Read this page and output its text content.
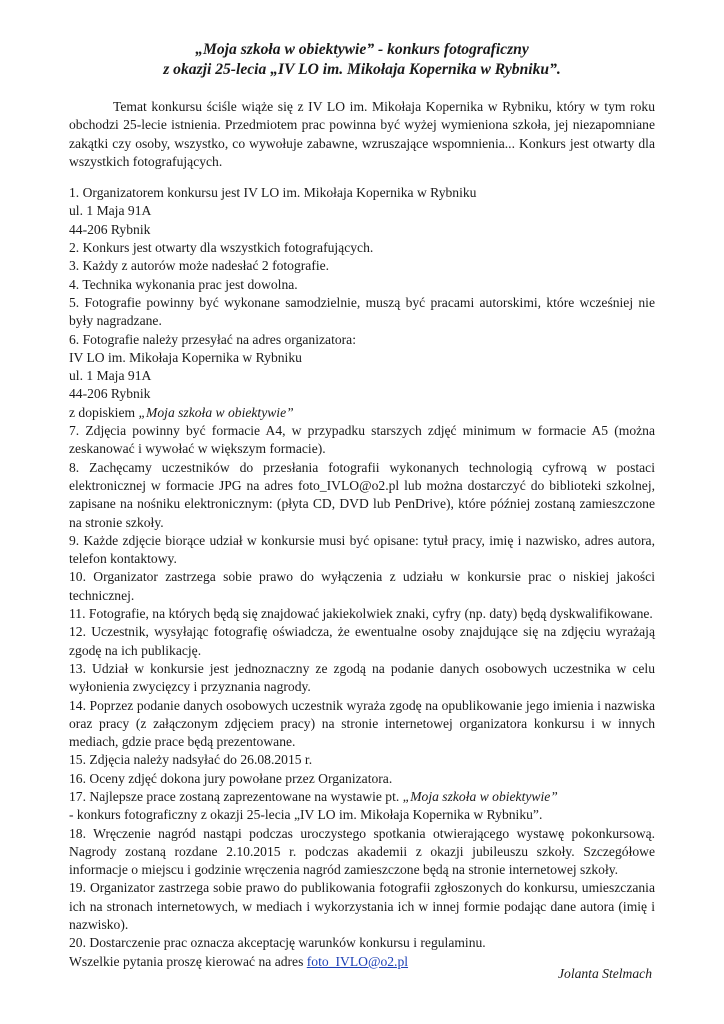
„Moja szkoła w obiektywie” - konkurs fotograficzny

z okazji 25-lecia „IV LO im. Mikołaja Kopernika w Rybniku”.

Temat konkursu ściśle wiąże się z IV LO im. Mikołaja Kopernika w Rybniku, który w tym roku obchodzi 25-lecie istnienia. Przedmiotem prac powinna być wyżej wymieniona szkoła, jej niezapomniane zakątki czy osoby, wszystko, co wywołuje zabawne, wzruszające wspomnienia... Konkurs jest otwarty dla wszystkich fotografujących.
1. Organizatorem konkursu jest IV LO im. Mikołaja Kopernika w Rybniku
ul. 1 Maja 91A
44-206 Rybnik
2. Konkurs jest otwarty dla wszystkich fotografujących.
3. Każdy z autorów może nadesłać 2 fotografie.
4. Technika wykonania prac jest dowolna.
5. Fotografie powinny być wykonane samodzielnie, muszą być pracami autorskimi, które wcześniej nie były nagradzane.
6. Fotografie należy przesyłać na adres organizatora:
IV LO im. Mikołaja Kopernika w Rybniku
ul. 1 Maja 91A
44-206 Rybnik
z dopiskiem „Moja szkoła w obiektywie”
7. Zdjęcia powinny być formacie A4, w przypadku starszych zdjęć minimum w formacie A5 (można zeskanować i wywołać w większym formacie).
8. Zachęcamy uczestników do przesłania fotografii wykonanych technologią cyfrową w postaci elektronicznej w formacie JPG na adres foto_IVLO@o2.pl lub można dostarczyć do biblioteki szkolnej, zapisane na nośniku elektronicznym: (płyta CD, DVD lub PenDrive), które później zostaną zamieszczone na stronie szkoły.
9. Każde zdjęcie biorące udział w konkursie musi być opisane: tytuł pracy, imię i nazwisko, adres autora, telefon kontaktowy.
10. Organizator zastrzega sobie prawo do wyłączenia z udziału w konkursie prac o niskiej jakości technicznej.
11. Fotografie, na których będą się znajdować jakiekolwiek znaki, cyfry (np. daty) będą dyskwalifikowane.
12. Uczestnik, wysyłając fotografię oświadcza, że ewentualne osoby znajdujące się na zdjęciu wyrażają zgodę na ich publikację.
13. Udział w konkursie jest jednoznaczny ze zgodą na podanie danych osobowych uczestnika w celu wyłonienia zwycięzcy i przyznania nagrody.
14. Poprzez podanie danych osobowych uczestnik wyraża zgodę na opublikowanie jego imienia i nazwiska oraz pracy (z załączonym zdjęciem pracy) na stronie internetowej organizatora konkursu i w innych mediach, gdzie prace będą prezentowane.
15. Zdjęcia należy nadsyłać do 26.08.2015 r.
16. Oceny zdjęć dokona jury powołane przez Organizatora.
17. Najlepsze prace zostaną zaprezentowane na wystawie pt. „Moja szkoła w obiektywie”
- konkurs fotograficzny z okazji 25-lecia „IV LO im. Mikołaja Kopernika w Rybniku”.
18. Wręczenie nagród nastąpi podczas uroczystego spotkania otwierającego wystawę pokonkursową. Nagrody zostaną rozdane 2.10.2015 r. podczas akademii z okazji jubileuszu szkoły. Szczegółowe informacje o miejscu i godzinie wręczenia nagród zamieszczone będą na stronie internetowej szkoły.
19. Organizator zastrzega sobie prawo do publikowania fotografii zgłoszonych do konkursu, umieszczania ich na stronach internetowych, w mediach i wykorzystania ich w innej formie podając dane autora (imię i nazwisko).
20. Dostarczenie prac oznacza akceptację warunków konkursu i regulaminu.
Wszelkie pytania proszę kierować na adres foto_IVLO@o2.pl
Jolanta Stelmach
